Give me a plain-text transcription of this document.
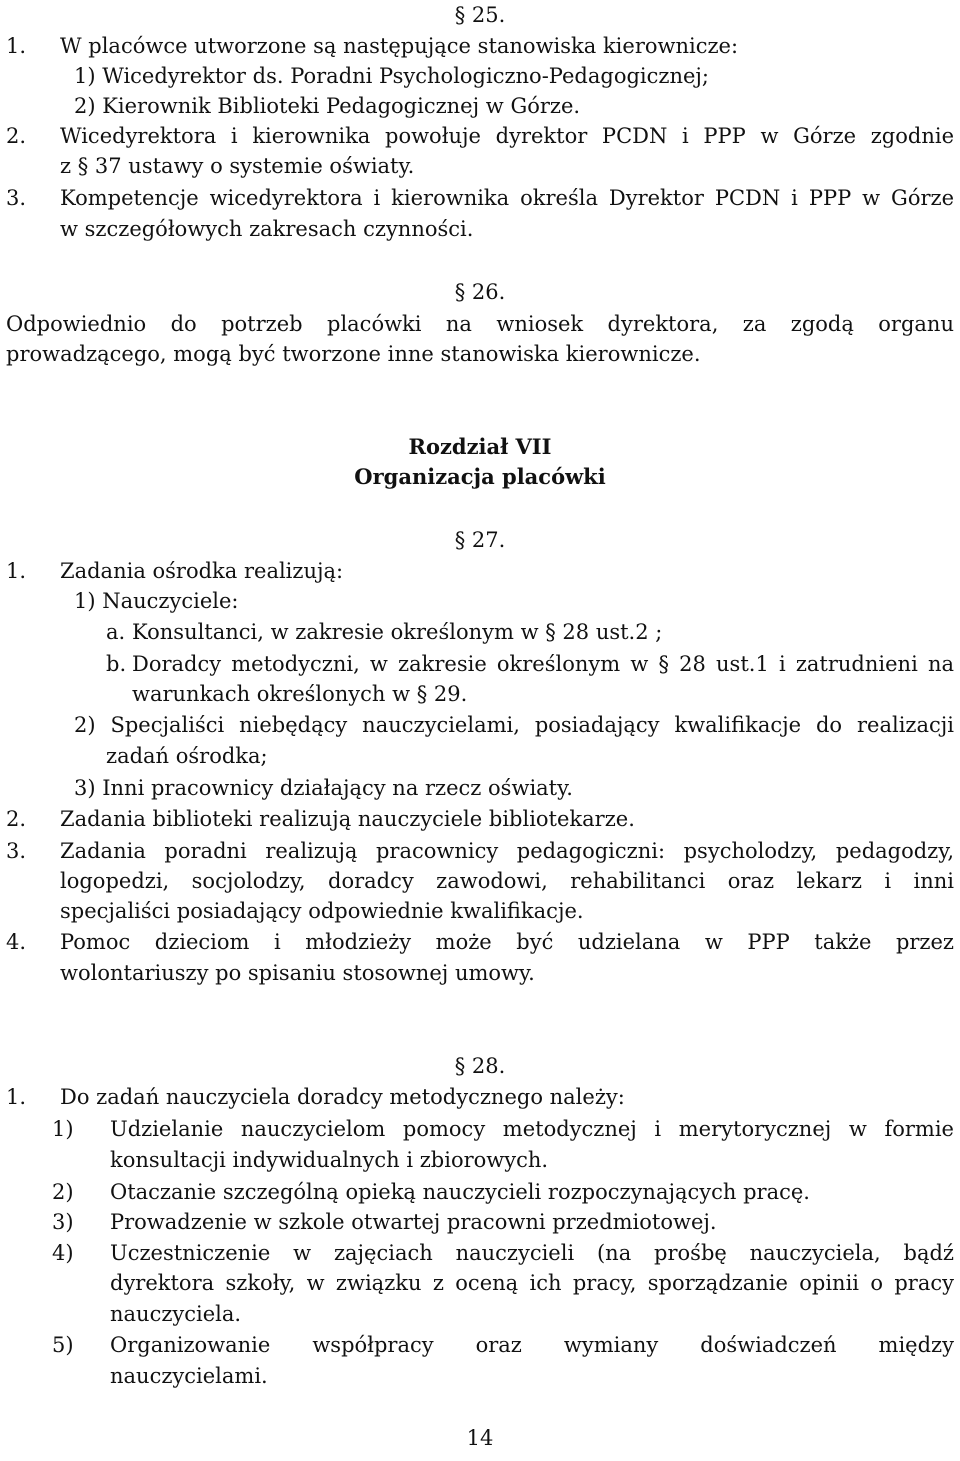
§ 25.
1. W placówce utworzone są następujące stanowiska kierownicze:
1) Wicedyrektor ds. Poradni Psychologiczno-Pedagogicznej;
2) Kierownik Biblioteki Pedagogicznej w Górze.
2. Wicedyrektora i kierownika powołuje dyrektor PCDN i PPP w Górze zgodnie
z § 37 ustawy o systemie oświaty.
3. Kompetencje wicedyrektora i kierownika określa Dyrektor PCDN i PPP w Górze
w szczegółowych zakresach czynności.
§ 26.
Odpowiednio do potrzeb placówki na wniosek dyrektora, za zgodą organu
prowadzącego, mogą być tworzone inne stanowiska kierownicze.
Rozdział VII
Organizacja placówki
§ 27.
1. Zadania ośrodka realizują:
1) Nauczyciele:
a. Konsultanci, w zakresie określonym w § 28 ust.2 ;
b. Doradcy metodyczni, w zakresie określonym w § 28 ust.1 i zatrudnieni na
warunkach określonych w § 29.
2) Specjaliści niebędący nauczycielami, posiadający kwalifikacje do realizacji
zadań ośrodka;
3) Inni pracownicy działający na rzecz oświaty.
2. Zadania biblioteki realizują nauczyciele bibliotekarze.
3. Zadania poradni realizują pracownicy pedagogiczni: psycholodzy, pedagodzy,
logopedzi, socjolodzy, doradcy zawodowi, rehabilitanci oraz lekarz i inni
specjaliści posiadający odpowiednie kwalifikacje.
4. Pomoc dzieciom i młodzieży może być udzielana w PPP także przez
wolontariuszy po spisaniu stosownej umowy.
§ 28.
1. Do zadań nauczyciela doradcy metodycznego należy:
1) Udzielanie nauczycielom pomocy metodycznej i merytorycznej w formie
konsultacji indywidualnych i zbiorowych.
2) Otaczanie szczególną opieką nauczycieli rozpoczynających pracę.
3) Prowadzenie w szkole otwartej pracowni przedmiotowej.
4) Uczestniczenie w zajęciach nauczycieli (na prośbę nauczyciela, bądź
dyrektora szkoły, w związku z oceną ich pracy, sporządzanie opinii o pracy
nauczyciela.
5) Organizowanie współpracy oraz wymiany doświadczeń między
nauczycielami.
14
